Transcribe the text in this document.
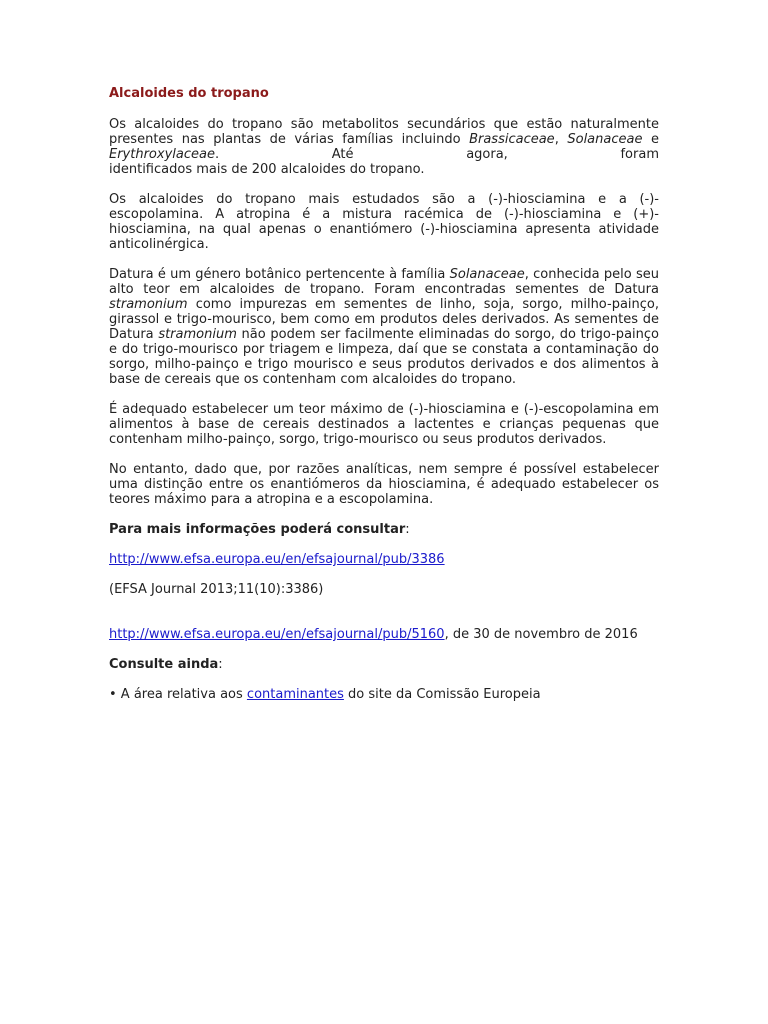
Alcaloides do tropano

Os alcaloides do tropano são metabolitos secundários que estão naturalmente presentes nas plantas de várias famílias incluindo Brassicaceae, Solanaceae e Erythroxylaceae. Até agora, foram
identificados mais de 200 alcaloides do tropano.

Os alcaloides do tropano mais estudados são a (-)-hiosciamina e a (-)-escopolamina. A atropina é a mistura racémica de (-)-hiosciamina e (+)-hiosciamina, na qual apenas o enantiómero (-)-hiosciamina apresenta atividade anticolinérgica.

Datura é um género botânico pertencente à família Solanaceae, conhecida pelo seu alto teor em alcaloides de tropano. Foram encontradas sementes de Datura stramonium como impurezas em sementes de linho, soja, sorgo, milho-painço, girassol e trigo-mourisco, bem como em produtos deles derivados. As sementes de Datura stramonium não podem ser facilmente eliminadas do sorgo, do trigo-painço e do trigo-mourisco por triagem e limpeza, daí que se constata a contaminação do sorgo, milho-painço e trigo mourisco e seus produtos derivados e dos alimentos à base de cereais que os contenham com alcaloides do tropano.

É adequado estabelecer um teor máximo de (-)-hiosciamina e (-)-escopolamina em alimentos à base de cereais destinados a lactentes e crianças pequenas que contenham milho-painço, sorgo, trigo-mourisco ou seus produtos derivados.

No entanto, dado que, por razões analíticas, nem sempre é possível estabelecer uma distinção entre os enantiómeros da hiosciamina, é adequado estabelecer os teores máximo para a atropina e a escopolamina.

Para mais informações poderá consultar:

http://www.efsa.europa.eu/en/efsajournal/pub/3386

(EFSA Journal 2013;11(10):3386)

http://www.efsa.europa.eu/en/efsajournal/pub/5160, de 30 de novembro de 2016

Consulte ainda:

• A área relativa aos contaminantes do site da Comissão Europeia
